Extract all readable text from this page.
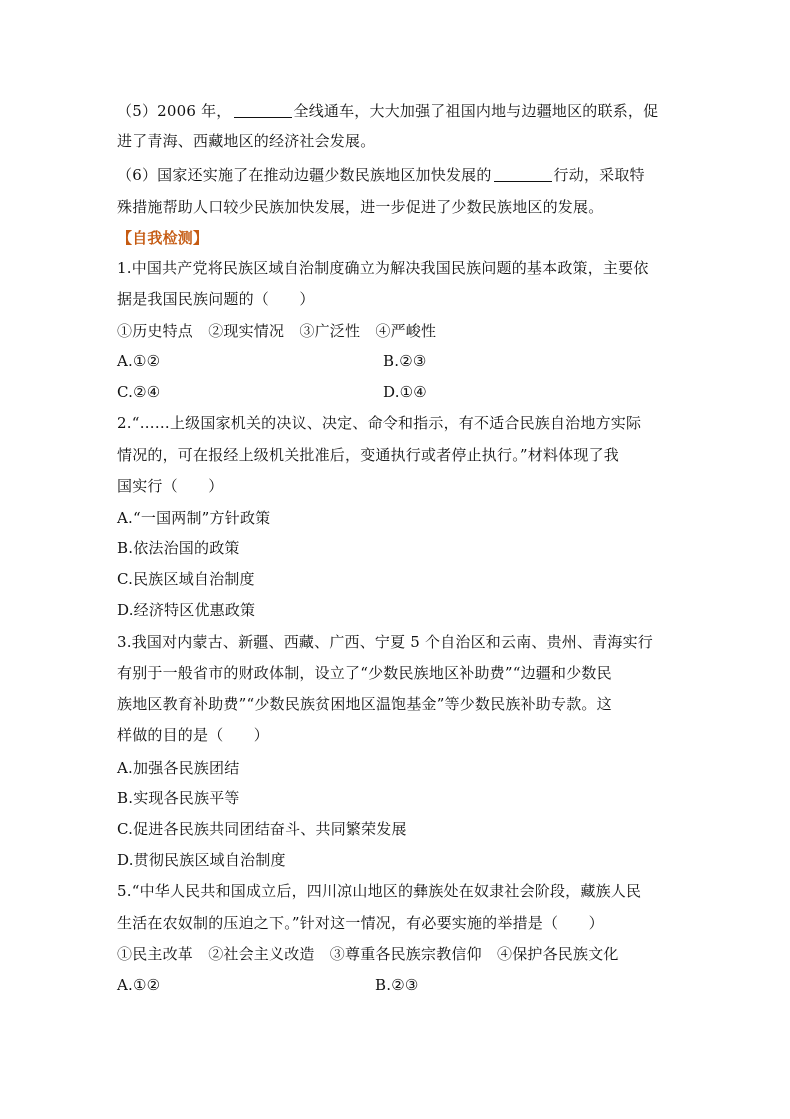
（5）2006 年，	全线通车，大大加强了祖国内地与边疆地区的联系，促
进了青海、西藏地区的经济社会发展。
（6）国家还实施了在推动边疆少数民族地区加快发展的	行动，采取特
殊措施帮助人口较少民族加快发展，进一步促进了少数民族地区的发展。
【自我检测】
1.中国共产党将民族区域自治制度确立为解决我国民族问题的基本政策，主要依
据是我国民族问题的（　　）
①历史特点　②现实情况　③广泛性　④严峻性
A.①②	B.②③
C.②④	D.①④
2.“……上级国家机关的决议、决定、命令和指示，有不适合民族自治地方实际
情况的，可在报经上级机关批准后，变通执行或者停止执行。”材料体现了我
国实行（　　）
A.“一国两制”方针政策
B.依法治国的政策
C.民族区域自治制度
D.经济特区优惠政策
3.我国对内蒙古、新疆、西藏、广西、宁夏 5 个自治区和云南、贵州、青海实行
有别于一般省市的财政体制，设立了“少数民族地区补助费”“边疆和少数民
族地区教育补助费”“少数民族贫困地区温饱基金”等少数民族补助专款。这
样做的目的是（　　）
A.加强各民族团结
B.实现各民族平等
C.促进各民族共同团结奋斗、共同繁荣发展
D.贯彻民族区域自治制度
5.“中华人民共和国成立后，四川凉山地区的彝族处在奴隶社会阶段，藏族人民
生活在农奴制的压迫之下。”针对这一情况，有必要实施的举措是（　　）
①民主改革　②社会主义改造　③尊重各民族宗教信仰　④保护各民族文化
A.①②	B.②③
